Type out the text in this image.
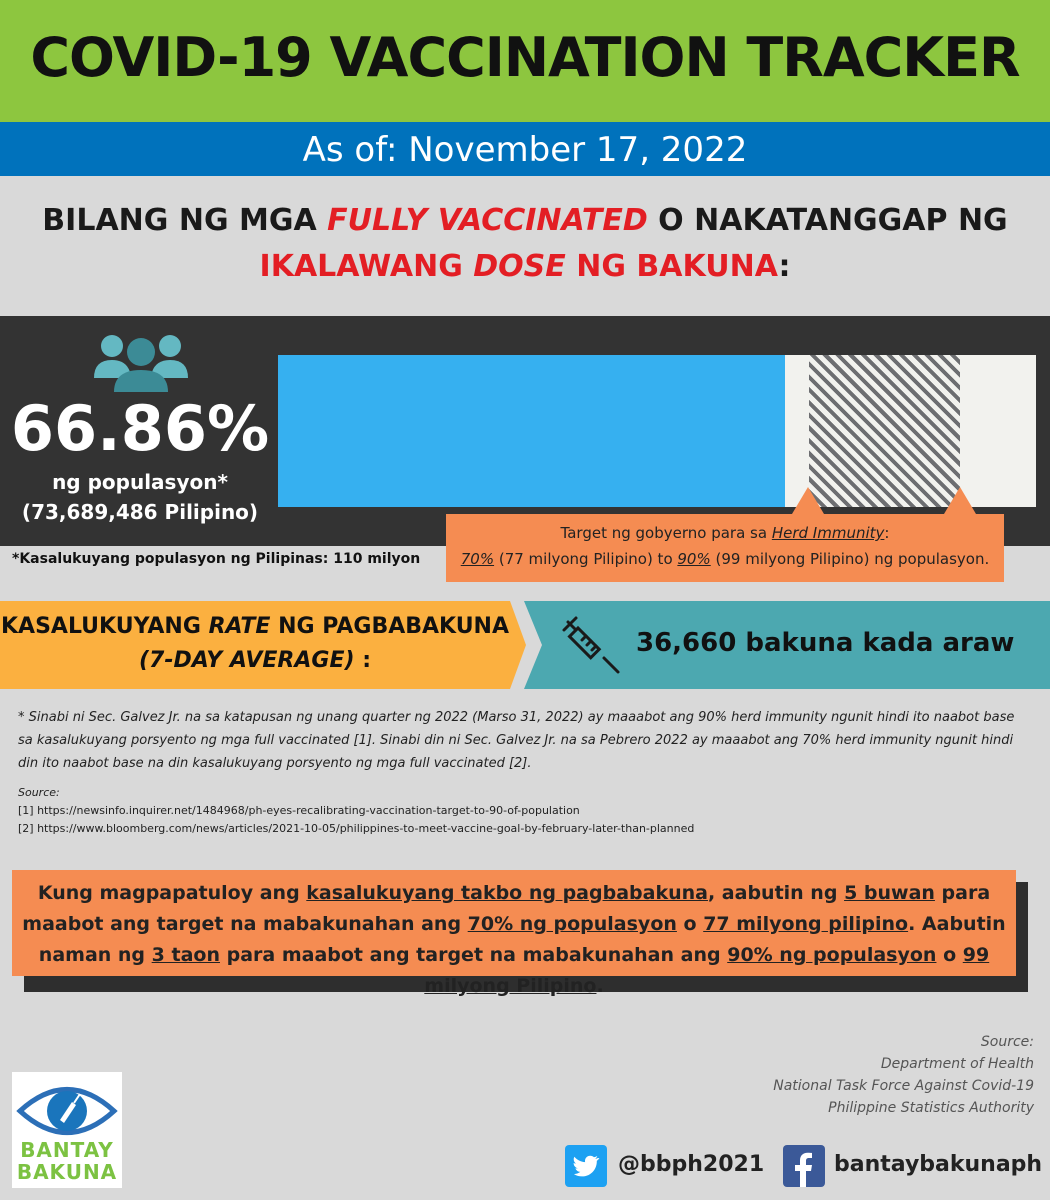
COVID-19 VACCINATION TRACKER
As of: November 17, 2022
BILANG NG MGA FULLY VACCINATED O NAKATANGGAP NG
IKALAWANG DOSE NG BAKUNA:
66.86%
ng populasyon*
(73,689,486 Pilipino)
Target ng gobyerno para sa Herd Immunity:
70% (77 milyong Pilipino) to 90% (99 milyong Pilipino) ng populasyon.
*Kasalukuyang populasyon ng Pilipinas: 110 milyon
KASALUKUYANG RATE NG PAGBABAKUNA
(7-DAY AVERAGE) :
36,660 bakuna kada araw
* Sinabi ni Sec. Galvez Jr. na sa katapusan ng unang quarter ng 2022 (Marso 31, 2022) ay maaabot ang 90% herd immunity ngunit hindi ito naabot base sa kasalukuyang porsyento ng mga full vaccinated [1]. Sinabi din ni Sec. Galvez Jr. na sa Pebrero 2022 ay maaabot ang 70% herd immunity ngunit hindi din ito naabot base na din kasalukuyang porsyento ng mga full vaccinated [2].
Source:
[1] https://newsinfo.inquirer.net/1484968/ph-eyes-recalibrating-vaccination-target-to-90-of-population
[2] https://www.bloomberg.com/news/articles/2021-10-05/philippines-to-meet-vaccine-goal-by-february-later-than-planned
Kung magpapatuloy ang kasalukuyang takbo ng pagbabakuna, aabutin ng 5 buwan para maabot ang target na mabakunahan ang 70% ng populasyon o 77 milyong pilipino. Aabutin naman ng 3 taon para maabot ang target na mabakunahan ang 90% ng populasyon o 99 milyong Pilipino.
Source:
Department of Health
National Task Force Against Covid-19
Philippine Statistics Authority
BANTAY
BAKUNA	@bbph2021	bantaybakunaph
